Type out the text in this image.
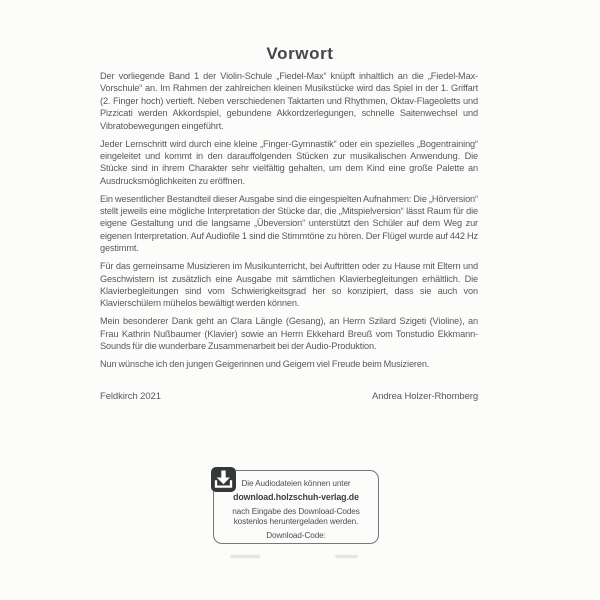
Vorwort

Der vorliegende Band 1 der Violin-Schule „Fiedel-Max“ knüpft inhaltlich an die „Fiedel-Max-Vorschule“ an. Im Rahmen der zahlreichen kleinen Musikstücke wird das Spiel in der 1. Griffart (2. Finger hoch) vertieft. Neben verschiedenen Taktarten und Rhythmen, Oktav-Flageoletts und Pizzicati werden Akkordspiel, gebundene Akkordzerlegungen, schnelle Saitenwechsel und Vibratobewegungen eingeführt.

Jeder Lernschritt wird durch eine kleine „Finger-Gymnastik“ oder ein spezielles „Bogentraining“ eingeleitet und kommt in den darauffolgenden Stücken zur musikalischen Anwendung. Die Stücke sind in ihrem Charakter sehr vielfältig gehalten, um dem Kind eine große Palette an Ausdrucksmöglichkeiten zu eröffnen.

Ein wesentlicher Bestandteil dieser Ausgabe sind die eingespielten Aufnahmen: Die „Hörversion“ stellt jeweils eine mögliche Interpretation der Stücke dar, die „Mitspielversion“ lässt Raum für die eigene Gestaltung und die langsame „Übeversion“ unterstützt den Schüler auf dem Weg zur eigenen Interpretation. Auf Audiofile 1 sind die Stimmtöne zu hören. Der Flügel wurde auf 442 Hz gestimmt.

Für das gemeinsame Musizieren im Musikunterricht, bei Auftritten oder zu Hause mit Eltern und Geschwistern ist zusätzlich eine Ausgabe mit sämtlichen Klavierbegleitungen erhältlich. Die Klavierbegleitungen sind vom Schwierigkeitsgrad her so konzipiert, dass sie auch von Klavierschülern mühelos bewältigt werden können.

Mein besonderer Dank geht an Clara Längle (Gesang), an Herrn Szilard Szigeti (Violine), an Frau Kathrin Nußbaumer (Klavier) sowie an Herrn Ekkehard Breuß vom Tonstudio Ekkmann-Sounds für die wunderbare Zusammenarbeit bei der Audio-Produktion.

Nun wünsche ich den jungen Geigerinnen und Geigern viel Freude beim Musizieren.

Feldkirch 2021	Andrea Holzer-Rhomberg
Die Audiodateien können unter
download.holzschuh-verlag.de
nach Eingabe des Download-Codes
kostenlos heruntergeladen werden.
Download-Code:
